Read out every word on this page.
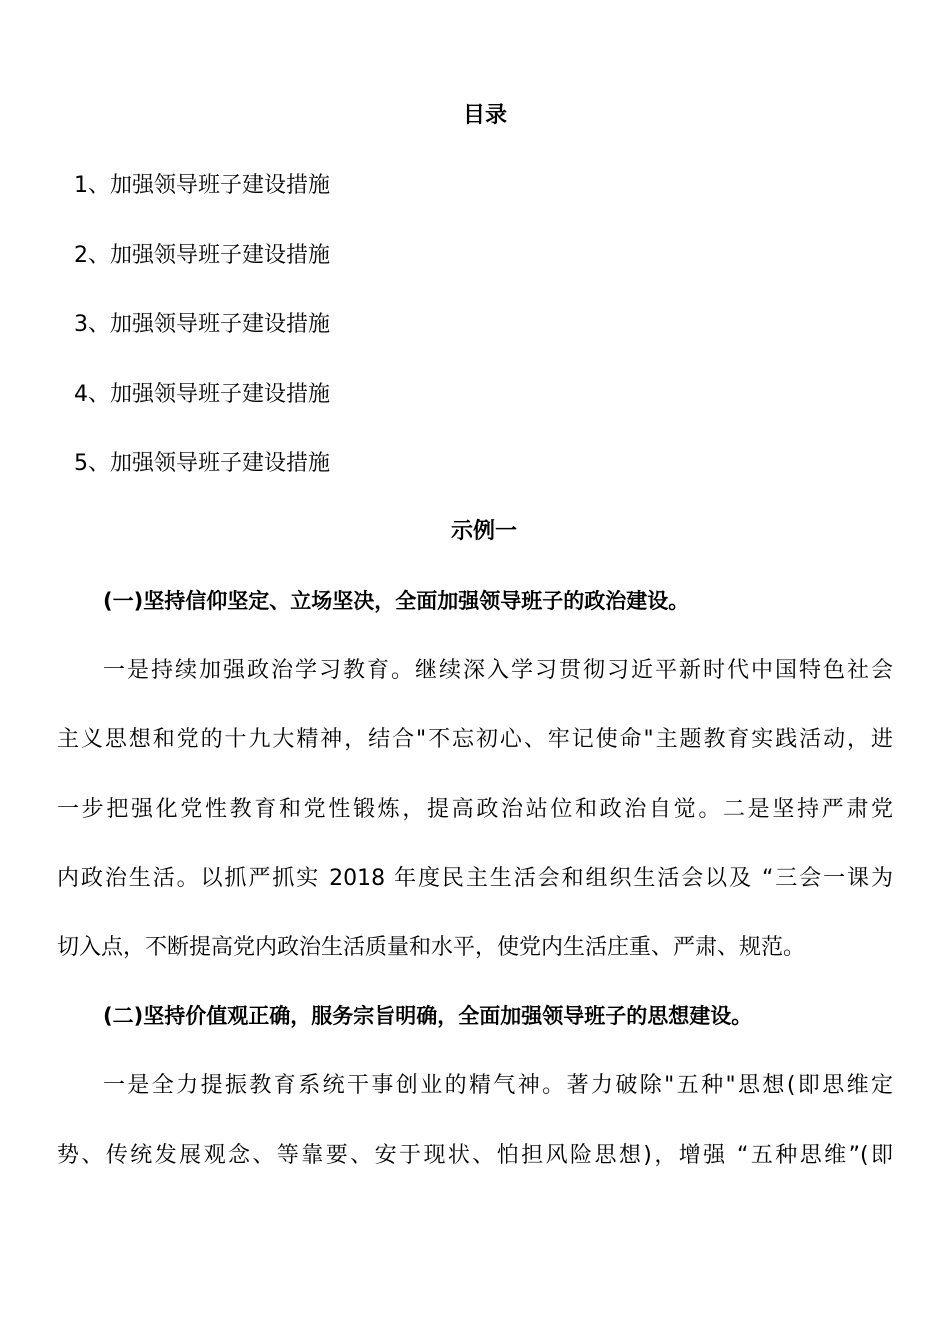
目录
1、加强领导班子建设措施
2、加强领导班子建设措施
3、加强领导班子建设措施
4、加强领导班子建设措施
5、加强领导班子建设措施
示例一
(一)坚持信仰坚定、立场坚决，全面加强领导班子的政治建设。
一是持续加强政治学习教育。继续深入学习贯彻习近平新时代中国特色社会
主义思想和党的十九大精神，结合"不忘初心、牢记使命"主题教育实践活动，进
一步把强化党性教育和党性锻炼，提高政治站位和政治自觉。二是坚持严肃党
内政治生活。以抓严抓实 2018 年度民主生活会和组织生活会以及 “三会一课为
切入点，不断提高党内政治生活质量和水平，使党内生活庄重、严肃、规范。
(二)坚持价值观正确，服务宗旨明确，全面加强领导班子的思想建设。
一是全力提振教育系统干事创业的精气神。著力破除"五种"思想(即思维定
势、传统发展观念、等靠要、安于现状、怕担风险思想)，增强 “五种思维”(即
